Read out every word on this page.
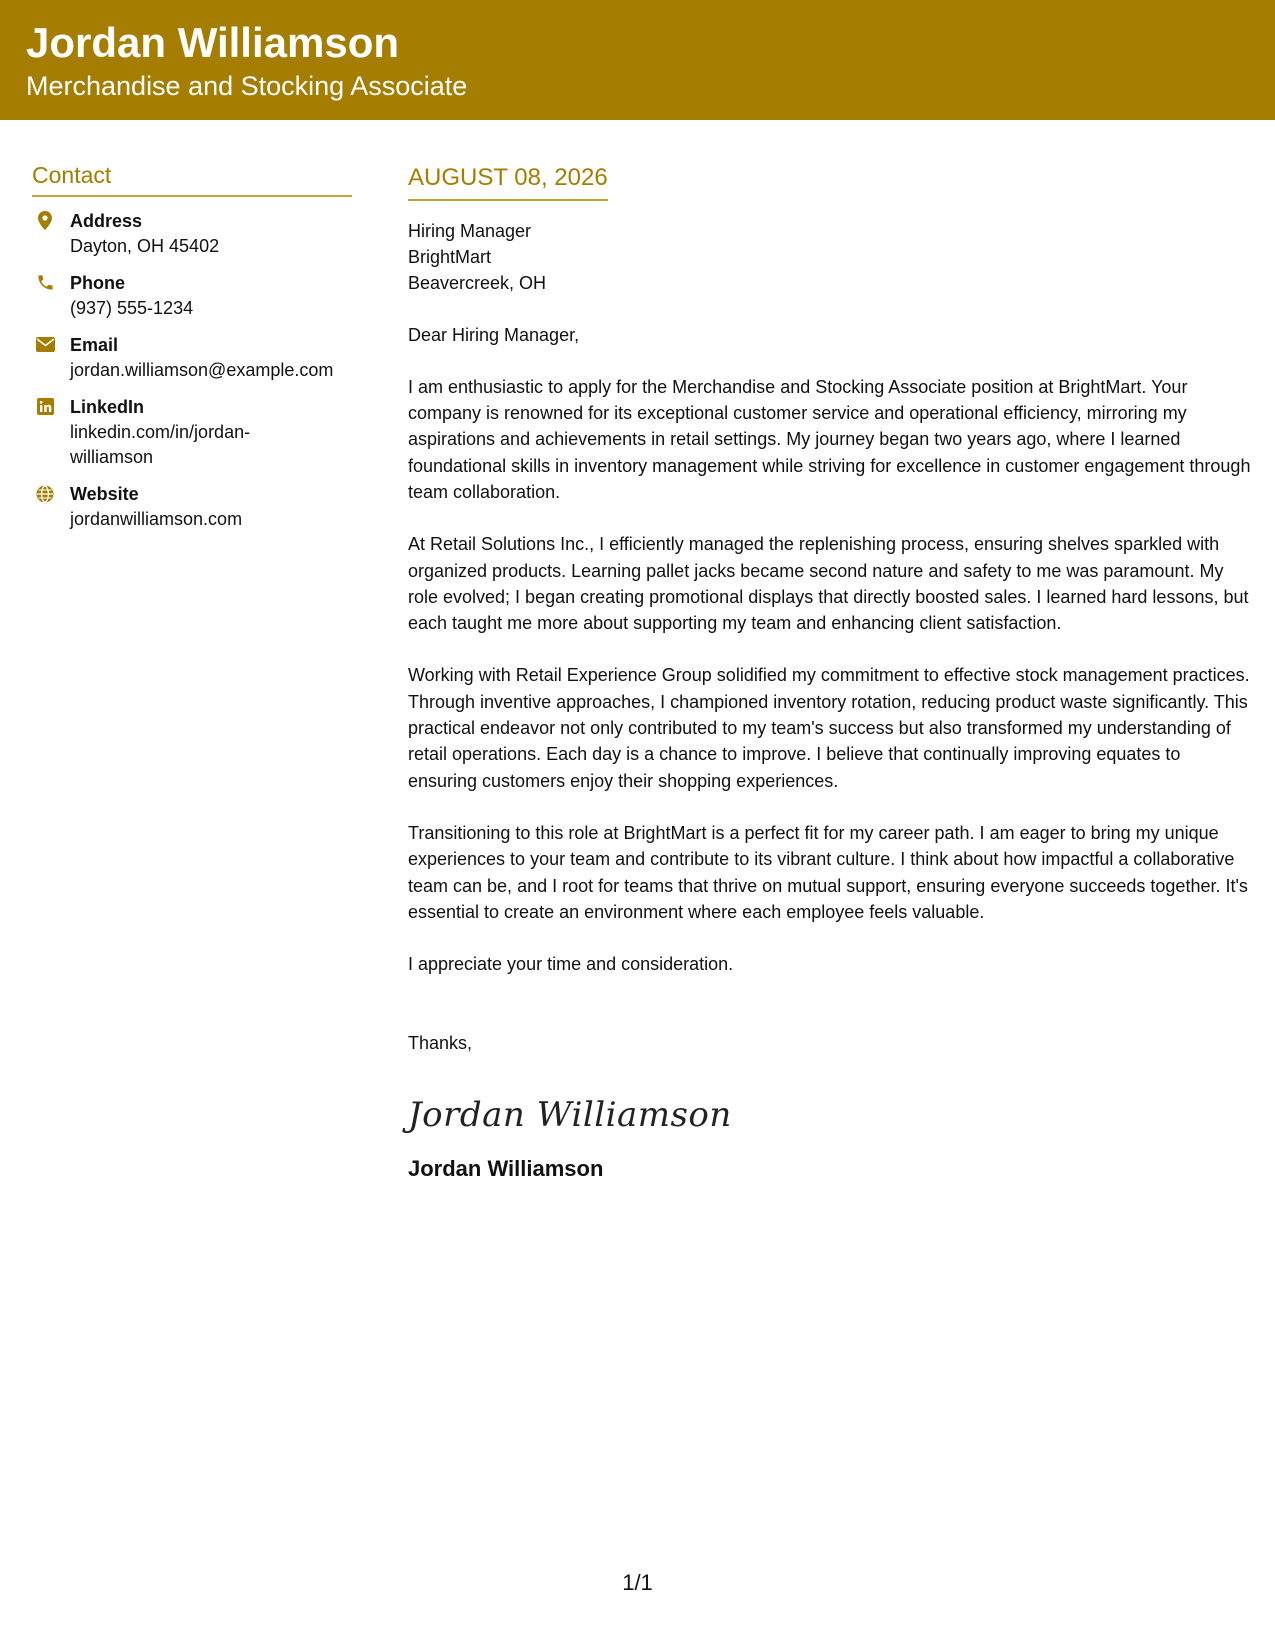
Jordan Williamson
Merchandise and Stocking Associate
Contact
Address
Dayton, OH 45402
Phone
(937) 555-1234
Email
jordan.williamson@example.com
LinkedIn
linkedin.com/in/jordan-williamson
Website
jordanwilliamson.com
AUGUST 08, 2026
Hiring Manager
BrightMart
Beavercreek, OH
Dear Hiring Manager,
I am enthusiastic to apply for the Merchandise and Stocking Associate position at BrightMart. Your company is renowned for its exceptional customer service and operational efficiency, mirroring my aspirations and achievements in retail settings. My journey began two years ago, where I learned foundational skills in inventory management while striving for excellence in customer engagement through team collaboration.
At Retail Solutions Inc., I efficiently managed the replenishing process, ensuring shelves sparkled with organized products. Learning pallet jacks became second nature and safety to me was paramount. My role evolved; I began creating promotional displays that directly boosted sales. I learned hard lessons, but each taught me more about supporting my team and enhancing client satisfaction.
Working with Retail Experience Group solidified my commitment to effective stock management practices. Through inventive approaches, I championed inventory rotation, reducing product waste significantly. This practical endeavor not only contributed to my team's success but also transformed my understanding of retail operations. Each day is a chance to improve. I believe that continually improving equates to ensuring customers enjoy their shopping experiences.
Transitioning to this role at BrightMart is a perfect fit for my career path. I am eager to bring my unique experiences to your team and contribute to its vibrant culture. I think about how impactful a collaborative team can be, and I root for teams that thrive on mutual support, ensuring everyone succeeds together. It's essential to create an environment where each employee feels valuable.
I appreciate your time and consideration.
Thanks,
Jordan Williamson
Jordan Williamson
1/1
